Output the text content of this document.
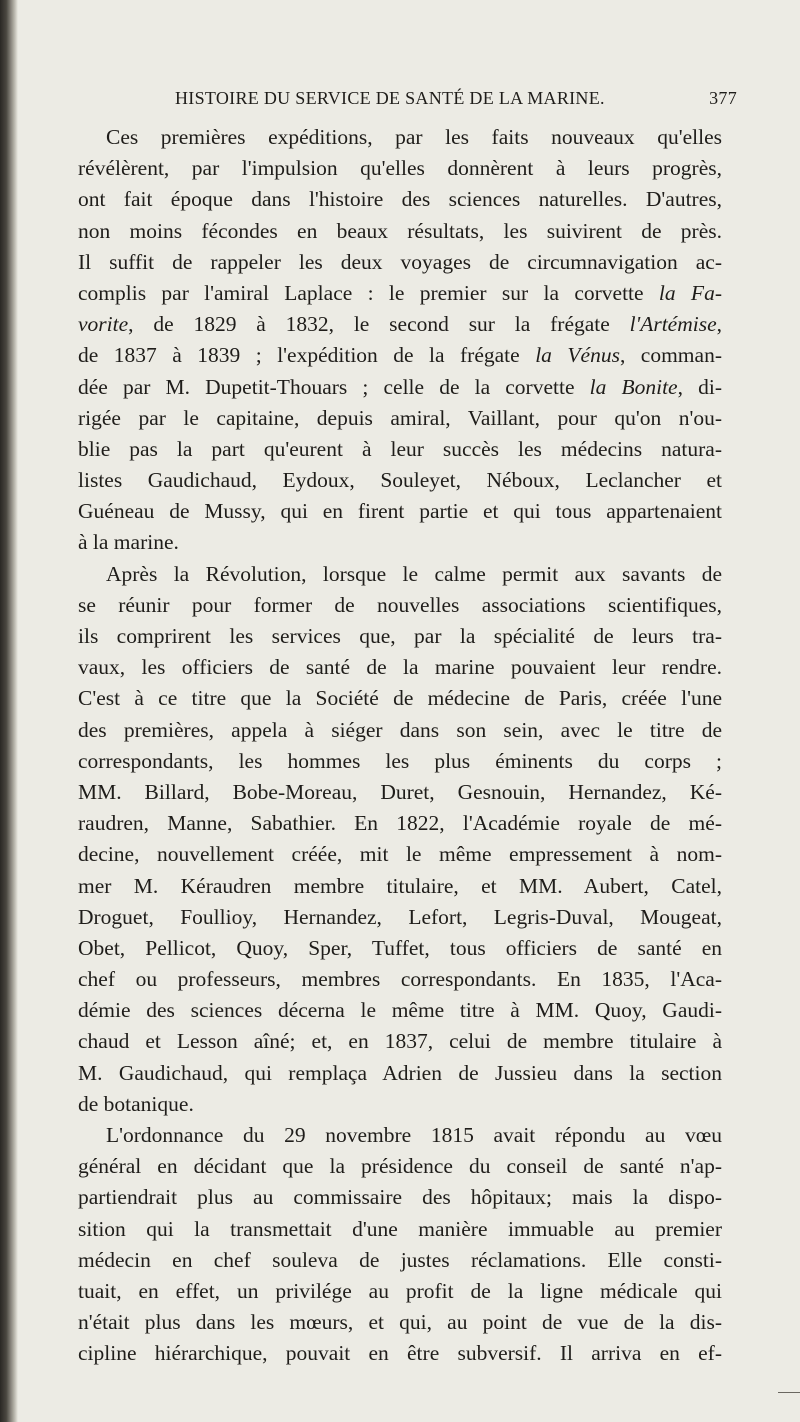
HISTOIRE DU SERVICE DE SANTÉ DE LA MARINE.	377
Ces premières expéditions, par les faits nouveaux qu'elles
révélèrent, par l'impulsion qu'elles donnèrent à leurs progrès,
ont fait époque dans l'histoire des sciences naturelles. D'autres,
non moins fécondes en beaux résultats, les suivirent de près.
Il suffit de rappeler les deux voyages de circumnavigation ac-
complis par l'amiral Laplace : le premier sur la corvette la Fa-
vorite, de 1829 à 1832, le second sur la frégate l'Artémise,
de 1837 à 1839 ; l'expédition de la frégate la Vénus, comman-
dée par M. Dupetit-Thouars ; celle de la corvette la Bonite, di-
rigée par le capitaine, depuis amiral, Vaillant, pour qu'on n'ou-
blie pas la part qu'eurent à leur succès les médecins natura-
listes Gaudichaud, Eydoux, Souleyet, Néboux, Leclancher et
Guéneau de Mussy, qui en firent partie et qui tous appartenaient
à la marine.
Après la Révolution, lorsque le calme permit aux savants de
se réunir pour former de nouvelles associations scientifiques,
ils comprirent les services que, par la spécialité de leurs tra-
vaux, les officiers de santé de la marine pouvaient leur rendre.
C'est à ce titre que la Société de médecine de Paris, créée l'une
des premières, appela à siéger dans son sein, avec le titre de
correspondants, les hommes les plus éminents du corps ;
MM. Billard, Bobe-Moreau, Duret, Gesnouin, Hernandez, Ké-
raudren, Manne, Sabathier. En 1822, l'Académie royale de mé-
decine, nouvellement créée, mit le même empressement à nom-
mer M. Kéraudren membre titulaire, et MM. Aubert, Catel,
Droguet, Foullioy, Hernandez, Lefort, Legris-Duval, Mougeat,
Obet, Pellicot, Quoy, Sper, Tuffet, tous officiers de santé en
chef ou professeurs, membres correspondants. En 1835, l'Aca-
démie des sciences décerna le même titre à MM. Quoy, Gaudi-
chaud et Lesson aîné; et, en 1837, celui de membre titulaire à
M. Gaudichaud, qui remplaça Adrien de Jussieu dans la section
de botanique.
L'ordonnance du 29 novembre 1815 avait répondu au vœu
général en décidant que la présidence du conseil de santé n'ap-
partiendrait plus au commissaire des hôpitaux; mais la dispo-
sition qui la transmettait d'une manière immuable au premier
médecin en chef souleva de justes réclamations. Elle consti-
tuait, en effet, un privilége au profit de la ligne médicale qui
n'était plus dans les mœurs, et qui, au point de vue de la dis-
cipline hiérarchique, pouvait en être subversif. Il arriva en ef-
